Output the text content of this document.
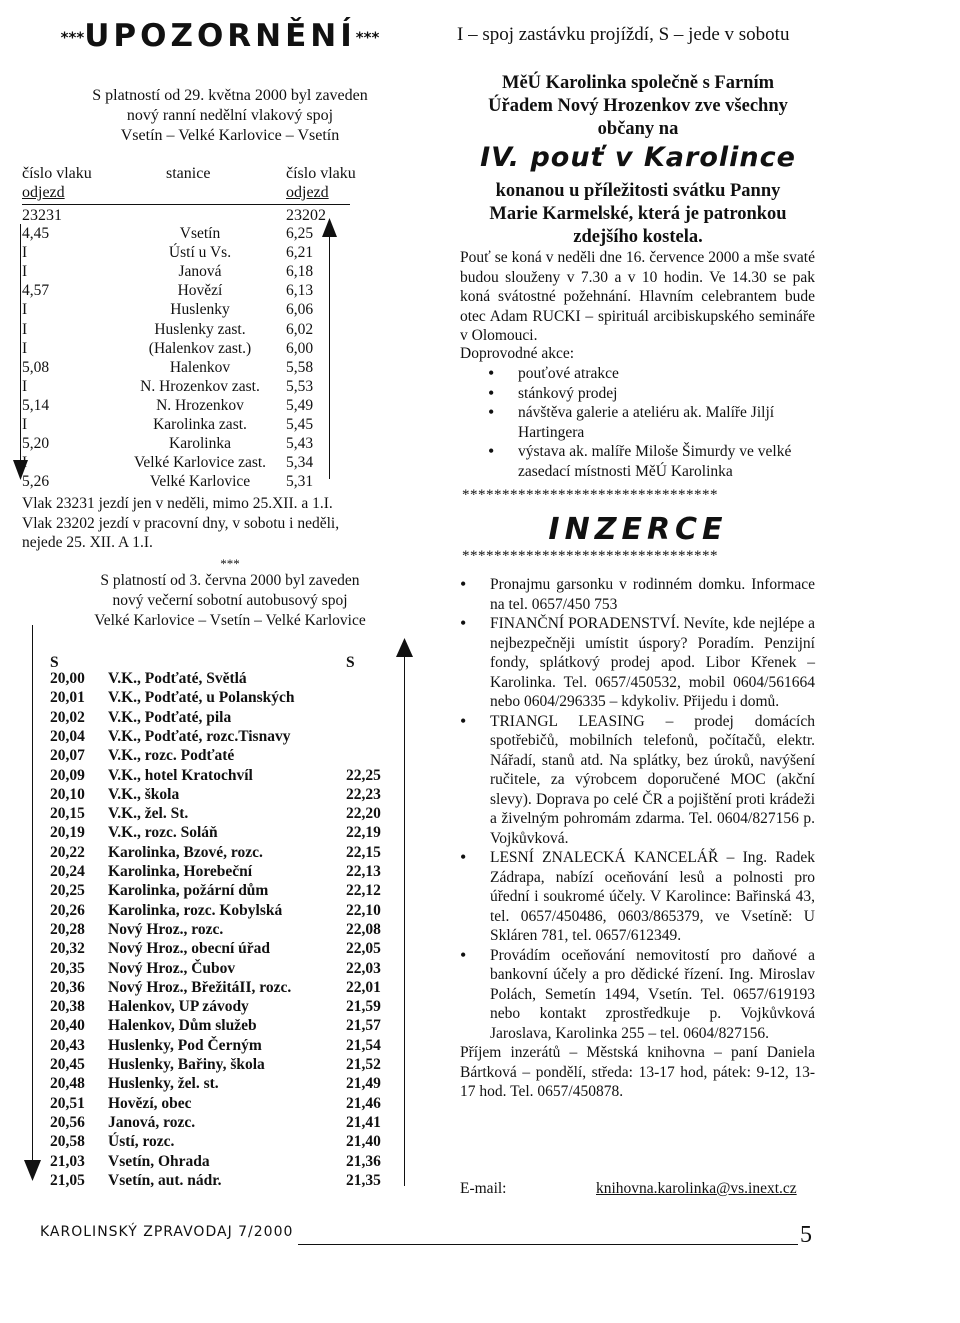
***UPOZORNĚNÍ***
S platností od 29. května 2000 byl zaveden
nový ranní nedělní vlakový spoj
Vsetín – Velké Karlovice – Vsetín
číslo vlaku	stanice	číslo vlaku
odjezd	odjezd
23231	23202
4,45	Vsetín	6,25
I	Ústí u Vs.	6,21
I	Janová	6,18
4,57	Hovězí	6,13
I	Huslenky	6,06
I	Huslenky zast.	6,02
I	(Halenkov zast.)	6,00
5,08	Halenkov	5,58
I	N. Hrozenkov zast.	5,53
5,14	N. Hrozenkov	5,49
I	Karolinka zast.	5,45
5,20	Karolinka	5,43
I	Velké Karlovice zast.	5,34
5,26	Velké Karlovice	5,31
Vlak 23231 jezdí jen v neděli, mimo 25.XII. a 1.I.
Vlak 23202 jezdí v pracovní dny, v sobotu i neděli, nejede 25. XII. A 1.I.
***
S platností od 3. června 2000 byl zaveden
nový večerní sobotní autobusový spoj
Velké Karlovice – Vsetín – Velké Karlovice
S	S
20,00 V.K., Podťaté, Světlá
20,01 V.K., Podťaté, u Polanských
20,02 V.K., Podťaté, pila
20,04 V.K., Podťaté, rozc.Tisnavy
20,07 V.K., rozc. Podťaté
20,09 V.K., hotel Kratochvíl	22,25
20,10 V.K., škola	22,23
20,15 V.K., žel. St.	22,20
20,19 V.K., rozc. Soláň	22,19
20,22 Karolinka, Bzové, rozc.	22,15
20,24 Karolinka, Horebeční	22,13
20,25 Karolinka, požární dům	22,12
20,26 Karolinka, rozc. Kobylská	22,10
20,28 Nový Hroz., rozc.	22,08
20,32 Nový Hroz., obecní úřad	22,05
20,35 Nový Hroz., Čubov	22,03
20,36 Nový Hroz., BřežitáII, rozc.	22,01
20,38 Halenkov, UP závody	21,59
20,40 Halenkov, Dům služeb	21,57
20,43 Huslenky, Pod Černým	21,54
20,45 Huslenky, Bařiny, škola	21,52
20,48 Huslenky, žel. st.	21,49
20,51 Hovězí, obec	21,46
20,56 Janová, rozc.	21,41
20,58 Ústí, rozc.	21,40
21,03 Vsetín, Ohrada	21,36
21,05 Vsetín, aut. nádr.	21,35
KAROLINSKÝ ZPRAVODAJ 7/2000	5
I – spoj zastávku projíždí, S – jede v sobotu
MěÚ Karolinka společně s Farním
Úřadem Nový Hrozenkov zve všechny
občany na
IV. pouť v Karolince
konanou u příležitosti svátku Panny
Marie Karmelské, která je patronkou
zdejšího kostela.
Pouť se koná v neděli dne 16. července 2000 a mše svaté budou slouženy v 7.30 a v 10 hodin. Ve 14.30 se pak koná svátostné požehnání. Hlavním celebrantem bude otec Adam RUCKI – spirituál arcibiskupského semináře v Olomouci.
Doprovodné akce:
• pouťové atrakce
• stánkový prodej
• návštěva galerie a ateliéru ak. Malíře Jiljí Hartingera
• výstava ak. malíře Miloše Šimurdy ve velké zasedací místnosti MěÚ Karolinka
********************************
INZERCE
********************************
• Pronajmu garsonku v rodinném domku. Informace na tel. 0657/450 753
• FINANČNÍ PORADENSTVÍ. Nevíte, kde nejlépe a nejbezpečněji umístit úspory? Poradím. Penzijní fondy, splátkový prodej apod. Libor Křenek – Karolinka. Tel. 0657/450532, mobil 0604/561664 nebo 0604/296335 – kdykoliv. Přijedu i domů.
• TRIANGL LEASING – prodej domácích spotřebičů, mobilních telefonů, počítačů, elektr. Nářadí, stanů atd. Na splátky, bez úroků, navýšení ručitele, za výrobcem doporučené MOC (akční slevy). Doprava po celé ČR a pojištění proti krádeži a živelným pohromám zdarma. Tel. 0604/827156 p. Vojkůvková.
• LESNÍ ZNALECKÁ KANCELÁŘ – Ing. Radek Zádrapa, nabízí oceňování lesů a polnosti pro úřední i soukromé účely. V Karolince: Bařinská 43, tel. 0657/450486, 0603/865379, ve Vsetíně: U Skláren 781, tel. 0657/612349.
• Provádím oceňování nemovitostí pro daňové a bankovní účely a pro dědické řízení. Ing. Miroslav Polách, Semetín 1494, Vsetín. Tel. 0657/619193 nebo kontakt zprostředkuje p. Vojkůvková Jaroslava, Karolinka 255 – tel. 0604/827156.
Příjem inzerátů – Městská knihovna – paní Daniela Bártková – pondělí, středa: 13-17 hod, pátek: 9-12, 13-17 hod. Tel. 0657/450878.
E-mail:	knihovna.karolinka@vs.inext.cz
